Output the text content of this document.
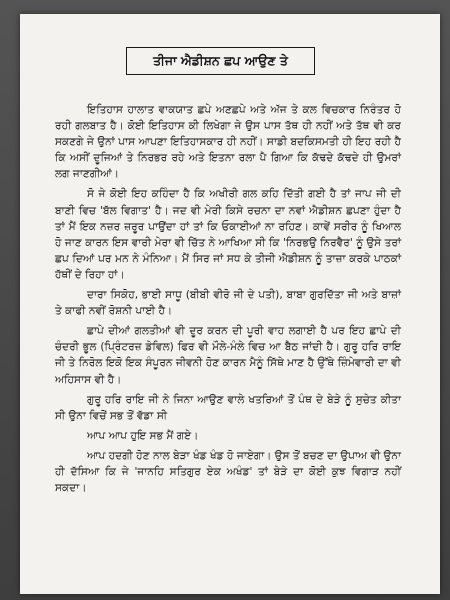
ਤੀਜਾ ਐਡੀਸ਼ਨ ਛਪ ਆਉਣ ਤੇ

ਇਤਿਹਾਸ ਹਾਲਾਤ ਵਾਕਯਾਤ ਛਪੇ ਅਣਛਪੇ ਅਤੇ ਅੱਜ ਤੇ ਕਲ ਵਿਚਕਾਰ ਨਿਰੰਤਰ ਹੋ ਰਹੀ ਗਲਬਾਤ ਹੈ। ਕੋਈ ਇਤਿਹਾਸ ਕੀ ਲਿਖੇਗਾ ਜੇ ਉਸ ਪਾਸ ਤੱਥ ਹੀ ਨਹੀਂ ਅਤੇ ਤੱਥ ਵੀ ਕਰ ਸਕਣਗੇ ਜੇ ਉਨਾਂ ਪਾਸ ਆਪਣਾ ਇਤਿਹਾਸਕਾਰ ਹੀ ਨਹੀਂ। ਸਾਡੀ ਬਦਕਿਸਮਤੀ ਹੀ ਇਹ ਰਹੀ ਹੈ ਕਿ ਅਸੀਂ ਦੂਜਿਆਂ ਤੇ ਨਿਰਭਰ ਰਹੇ ਅਤੇ ਇਤਨਾ ਰਲਾ ਪੈ ਗਿਆ ਕਿ ਕੱਢਦੇ ਕੱਢਦੇ ਹੀ ਉਮਰਾਂ ਲਗ ਜਾਣਗੀਆਂ।

ਸੋ ਜੇ ਕੋਈ ਇਹ ਕਹਿੰਦਾ ਹੈ ਕਿ ਅਖੀਰੀ ਗਲ ਕਹਿ ਦਿੱਤੀ ਗਈ ਹੈ ਤਾਂ ਜਾਪ ਜੀ ਦੀ ਬਾਣੀ ਵਿਚ 'ਬੱਲ ਵਿਗਾਤ' ਹੈ। ਜਦ ਵੀ ਮੇਰੀ ਕਿਸੇ ਰਚਨਾ ਦਾ ਨਵਾਂ ਐਡੀਸ਼ਨ ਛਪਣਾ ਹੁੰਦਾ ਹੈ ਤਾਂ ਮੈਂ ਇਕ ਨਜ਼ਰ ਜ਼ਰੂਰ ਪਾਉਂਦਾ ਹਾਂ ਤਾਂ ਕਿ ਓਕਾਈਆਂ ਨਾ ਰਹਿਣ। ਕਾਵੇਂ ਸਰੀਰ ਨੂੰ ਖਿਆਲ ਹੋ ਜਾਣ ਕਾਰਨ ਇਸ ਵਾਰੀ ਮੇਰਾ ਵੀ ਚਿੱਤ ਨੇ ਆਖਿਆ ਸੀ ਕਿ 'ਨਿਰਭਉ ਨਿਰਵੈਰ' ਨੂੰ ਉਸੇ ਤਰਾਂ ਛਪ ਦਿਆਂ ਪਰ ਮਨ ਨੇ ਮੰਨਿਆ। ਮੈਂ ਸਿਰ ਜਾਂ ਸਧ ਕੇ ਤੀਜੀ ਐਡੀਸ਼ਨ ਨੂੰ ਤਾਜ਼ਾ ਕਰਕੇ ਪਾਠਕਾਂ ਹੱਥੀਂ ਦੇ ਰਿਹਾ ਹਾਂ।

ਦਾਰਾ ਸਿਕੋਹ, ਭਾਈ ਸਾਧੂ (ਬੀਬੀ ਵੀਰੋ ਜੀ ਦੇ ਪਤੀ), ਬਾਬਾ ਗੁਰਦਿੱਤਾ ਜੀ ਅਤੇ ਬਾਜ਼ਾਂ ਤੇ ਕਾਫੀ ਨਵੀਂ ਰੋਸ਼ਨੀ ਪਾਈ ਹੈ।

ਛਾਪੇ ਦੀਆਂ ਗਲਤੀਆਂ ਵੀ ਦੂਰ ਕਰਨ ਦੀ ਪੂਰੀ ਵਾਹ ਲਗਾਈ ਹੈ ਪਰ ਇਹ ਛਾਪੇ ਦੀ ਚੰਦਰੀ ਭੂਲ (ਪ੍ਰਿੰਟਰਜ਼ ਡੇਵਿਲ) ਫਿਰ ਵੀ ਮੌਲੇ-ਮੰਲੇ ਵਿਚ ਆ ਬੈਠ ਜਾਂਦੀ ਹੈ। ਗੁਰੂ ਹਰਿ ਰਾਇ ਜੀ ਤੇ ਨਿਰੋਲ ਇਕੋ ਇਕ ਸੰਪੂਰਨ ਜੀਵਨੀ ਹੋਣ ਕਾਰਨ ਮੈਨੂੰ ਸਿੱਥੇ ਮਾਣ ਹੈ ਉੱਥੇ ਜ਼ਿੰਮੇਵਾਰੀ ਦਾ ਵੀ ਅਹਿਸਾਸ ਵੀ ਹੈ।

ਗੁਰੂ ਹਰਿ ਰਾਇ ਜੀ ਨੇ ਜਿਨਾ ਆਉਣ ਵਾਲੇ ਖਤਰਿਆਂ ਤੋਂ ਪੰਥ ਦੇ ਬੇੜੇ ਨੂੰ ਸੁਚੇਤ ਕੀਤਾ ਸੀ ਉਨਾ ਵਿਚੋਂ ਸਭ ਤੋਂ ਵੱਡਾ ਸੀ

ਆਪ ਆਪ ਹੁਇ ਸਭ ਮੈਂ ਗਏ।

ਆਪ ਹਦਗੀ ਹੋਣ ਨਾਲ ਬੇੜਾ ਖੰਡ ਖੰਡ ਹੋ ਜਾਏਗਾ। ਉਸ ਤੋਂ ਬਚਣ ਦਾ ਉਪਾਅ ਵੀ ਉਨਾ ਹੀ ਦੱਸਿਆ ਕਿ ਜੇ 'ਜਾਨਹਿ ਸਤਿਗੁਰ ਏਕ ਅਖੰਡ' ਤਾਂ ਬੇੜੇ ਦਾ ਕੋਈ ਕੁਝ ਵਿਗਾੜ ਨਹੀਂ ਸਕਦਾ।
